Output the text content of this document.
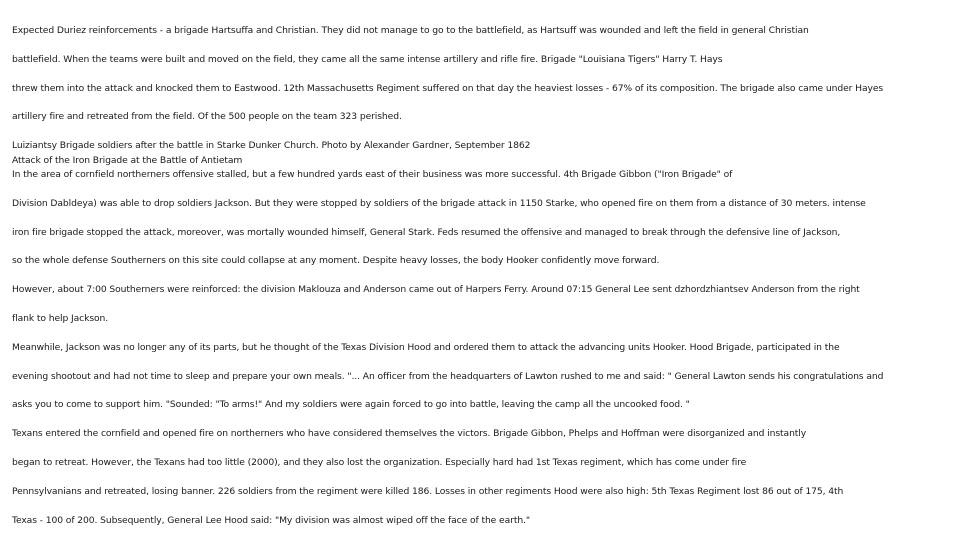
Expected Duriez reinforcements - a brigade Hartsuffa and Christian. They did not manage to go to the battlefield, as Hartsuff was wounded and left the field in general Christian
battlefield. When the teams were built and moved on the field, they came all the same intense artillery and rifle fire. Brigade "Louisiana Tigers" Harry T. Hays
threw them into the attack and knocked them to Eastwood. 12th Massachusetts Regiment suffered on that day the heaviest losses - 67% of its composition. The brigade also came under Hayes
artillery fire and retreated from the field. Of the 500 people on the team 323 perished.
Luiziantsy Brigade soldiers after the battle in Starke Dunker Church. Photo by Alexander Gardner, September 1862
Attack of the Iron Brigade at the Battle of Antietam
In the area of cornfield northerners offensive stalled, but a few hundred yards east of their business was more successful. 4th Brigade Gibbon ("Iron Brigade" of
Division Dabldeya) was able to drop soldiers Jackson. But they were stopped by soldiers of the brigade attack in 1150 Starke, who opened fire on them from a distance of 30 meters. intense
iron fire brigade stopped the attack, moreover, was mortally wounded himself, General Stark. Feds resumed the offensive and managed to break through the defensive line of Jackson,
so the whole defense Southerners on this site could collapse at any moment. Despite heavy losses, the body Hooker confidently move forward.
However, about 7:00 Southerners were reinforced: the division Maklouza and Anderson came out of Harpers Ferry. Around 07:15 General Lee sent dzhordzhiantsev Anderson from the right
flank to help Jackson.
Meanwhile, Jackson was no longer any of its parts, but he thought of the Texas Division Hood and ordered them to attack the advancing units Hooker. Hood Brigade, participated in the
evening shootout and had not time to sleep and prepare your own meals. "... An officer from the headquarters of Lawton rushed to me and said: " General Lawton sends his congratulations and
asks you to come to support him. "Sounded: "To arms!" And my soldiers were again forced to go into battle, leaving the camp all the uncooked food. "
Texans entered the cornfield and opened fire on northerners who have considered themselves the victors. Brigade Gibbon, Phelps and Hoffman were disorganized and instantly
began to retreat. However, the Texans had too little (2000), and they also lost the organization. Especially hard had 1st Texas regiment, which has come under fire
Pennsylvanians and retreated, losing banner. 226 soldiers from the regiment were killed 186. Losses in other regiments Hood were also high: 5th Texas Regiment lost 86 out of 175, 4th
Texas - 100 of 200. Subsequently, General Lee Hood said: "My division was almost wiped off the face of the earth."
